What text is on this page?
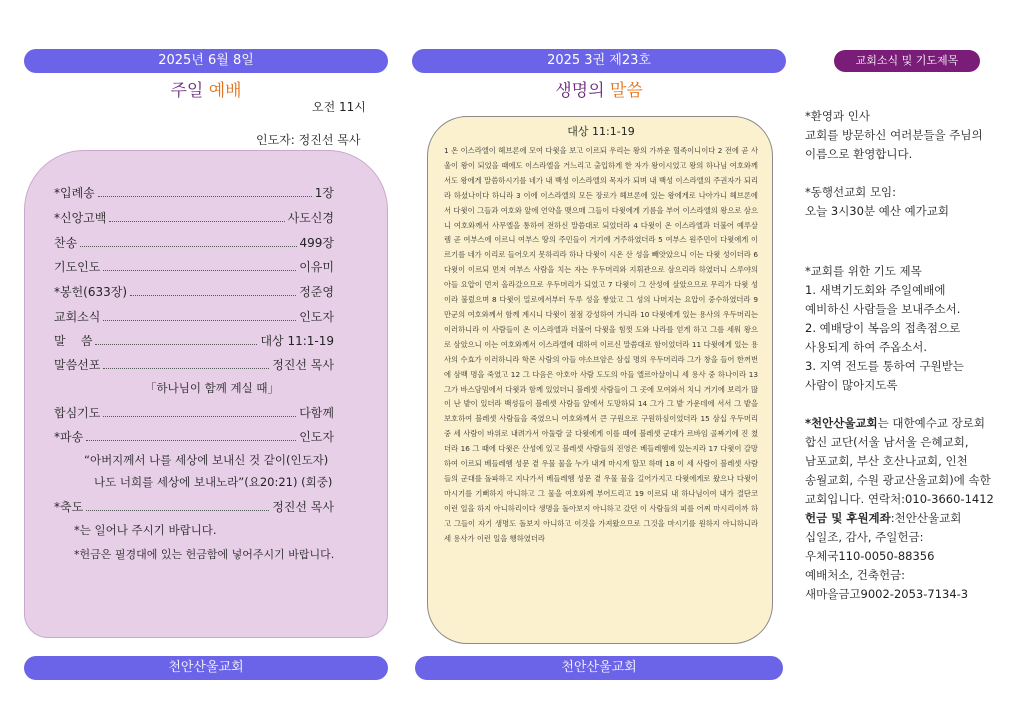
2025년 6월 8일
주일 예배
오전 11시
인도자: 정진선 목사
*입례송	1장
*신앙고백	사도신경
찬송	499장
기도인도	이유미
*봉헌(633장)	정준영
교회소식	인도자
말    씀	대상 11:1-19
말씀선포	정진선 목사
「하나님이 함께 계실 때」
합심기도	다함께
*파송	인도자
“아버지께서 나를 세상에 보내신 것 같이(인도자)
나도 너희를 세상에 보내노라”(요20:21) (회중)
*축도	정진선 목사
*는 일어나 주시기 바랍니다.
*헌금은 필경대에 있는 헌금함에 넣어주시기 바랍니다.
천안산울교회
2025 3권 제23호
생명의 말씀
대상 11:1-19
1 온 이스라엘이 헤브론에 모여 다윗을 보고 이르되 우리는 왕의 가까운 혈족이니이다 2 전에 곧 사울이 왕이 되었을 때에도 이스라엘을 거느리고 출입하게 한 자가 왕이시었고 왕의 하나님 여호와께서도 왕에게 말씀하시기를 네가 내 백성 이스라엘의 목자가 되며 내 백성 이스라엘의 주권자가 되리라 하셨나이다 하니라 3 이에 이스라엘의 모든 장로가 헤브론에 있는 왕에게로 나아가니 헤브론에서 다윗이 그들과 여호와 앞에 언약을 맺으매 그들이 다윗에게 기름을 부어 이스라엘의 왕으로 삼으니 여호와께서 사무엘을 통하여 전하신 말씀대로 되었더라 4 다윗이 온 이스라엘과 더불어 예루살렘 곧 여부스에 이르니 여부스 땅의 주민들이 거기에 거주하였더라 5 여부스 원주민이 다윗에게 이르기를 네가 이리로 들어오지 못하리라 하나 다윗이 시온 산 성을 빼앗았으니 이는 다윗 성이더라 6 다윗이 이르되 먼저 여부스 사람을 치는 자는 우두머리와 지휘관으로 삼으리라 하였더니 스루야의 아들 요압이 먼저 올라갔으므로 우두머리가 되었고 7 다윗이 그 산성에 살았으므로 무리가 다윗 성이라 불렀으며 8 다윗이 밀로에서부터 두루 성을 쌓았고 그 성의 나머지는 요압이 중수하였더라 9 만군의 여호와께서 함께 계시니 다윗이 점점 강성하여 가니라 10 다윗에게 있는 용사의 우두머리는 이러하니라 이 사람들이 온 이스라엘과 더불어 다윗을 힘껏 도와 나라를 얻게 하고 그를 세워 왕으로 삼았으니 이는 여호와께서 이스라엘에 대하여 이르신 말씀대로 함이었더라 11 다윗에게 있는 용사의 수효가 이러하니라 학몬 사람의 아들 야소브암은 삼십 명의 우두머리라 그가 창을 들어 한꺼번에 삼백 명을 죽였고 12 그 다음은 아호아 사람 도도의 아들 엘르아살이니 세 용사 중 하나이라 13 그가 바스담밈에서 다윗과 함께 있었더니 블레셋 사람들이 그 곳에 모여와서 치니 거기에 보리가 많이 난 밭이 있더라 백성들이 블레셋 사람들 앞에서 도망하되 14 그가 그 밭 가운데에 서서 그 밭을 보호하여 블레셋 사람들을 죽였으니 여호와께서 큰 구원으로 구원하심이었더라 15 삼십 우두머리 중 세 사람이 바위로 내려가서 아둘람 굴 다윗에게 이를 때에 블레셋 군대가 르바임 골짜기에 진 쳤더라 16 그 때에 다윗은 산성에 있고 블레셋 사람들의 진영은 베들레헴에 있는지라 17 다윗이 갈망하여 이르되 베들레헴 성문 곁 우물 물을 누가 내게 마시게 할꼬 하매 18 이 세 사람이 블레셋 사람들의 군대를 돌파하고 지나가서 베들레헴 성문 곁 우물 물을 길어가지고 다윗에게로 왔으나 다윗이 마시기를 기뻐하지 아니하고 그 물을 여호와께 부어드리고 19 이르되 내 하나님이여 내가 결단코 이런 일을 하지 아니하리이다 생명을 돌아보지 아니하고 갔던 이 사람들의 피를 어찌 마시리이까 하고 그들이 자기 생명도 돌보지 아니하고 이것을 가져왔으므로 그것을 마시기를 원하지 아니하니라 세 용사가 이런 일을 행하였더라
천안산울교회
교회소식 및 기도제목
*환영과 인사
교회를 방문하신 여러분들을 주님의
이름으로 환영합니다.
*동행선교회 모임:
오늘 3시30분 예산 예가교회
*교회를 위한 기도 제목
1. 새벽기도회와 주일예배에
예비하신 사람들을 보내주소서.
2. 예배당이 복음의 접촉점으로
사용되게 하여 주옵소서.
3. 지역 전도를 통하여 구원받는
사람이 많아지도록
*천안산울교회는 대한예수교 장로회
합신 교단(서울 남서울 은혜교회,
남포교회, 부산 호산나교회, 인천
송월교회, 수원 광교산울교회)에 속한
교회입니다. 연락처:010-3660-1412
헌금 및 후원계좌:천안산울교회
십일조, 감사, 주일헌금:
우체국110-0050-88356
예배처소, 건축헌금:
새마을금고9002-2053-7134-3
